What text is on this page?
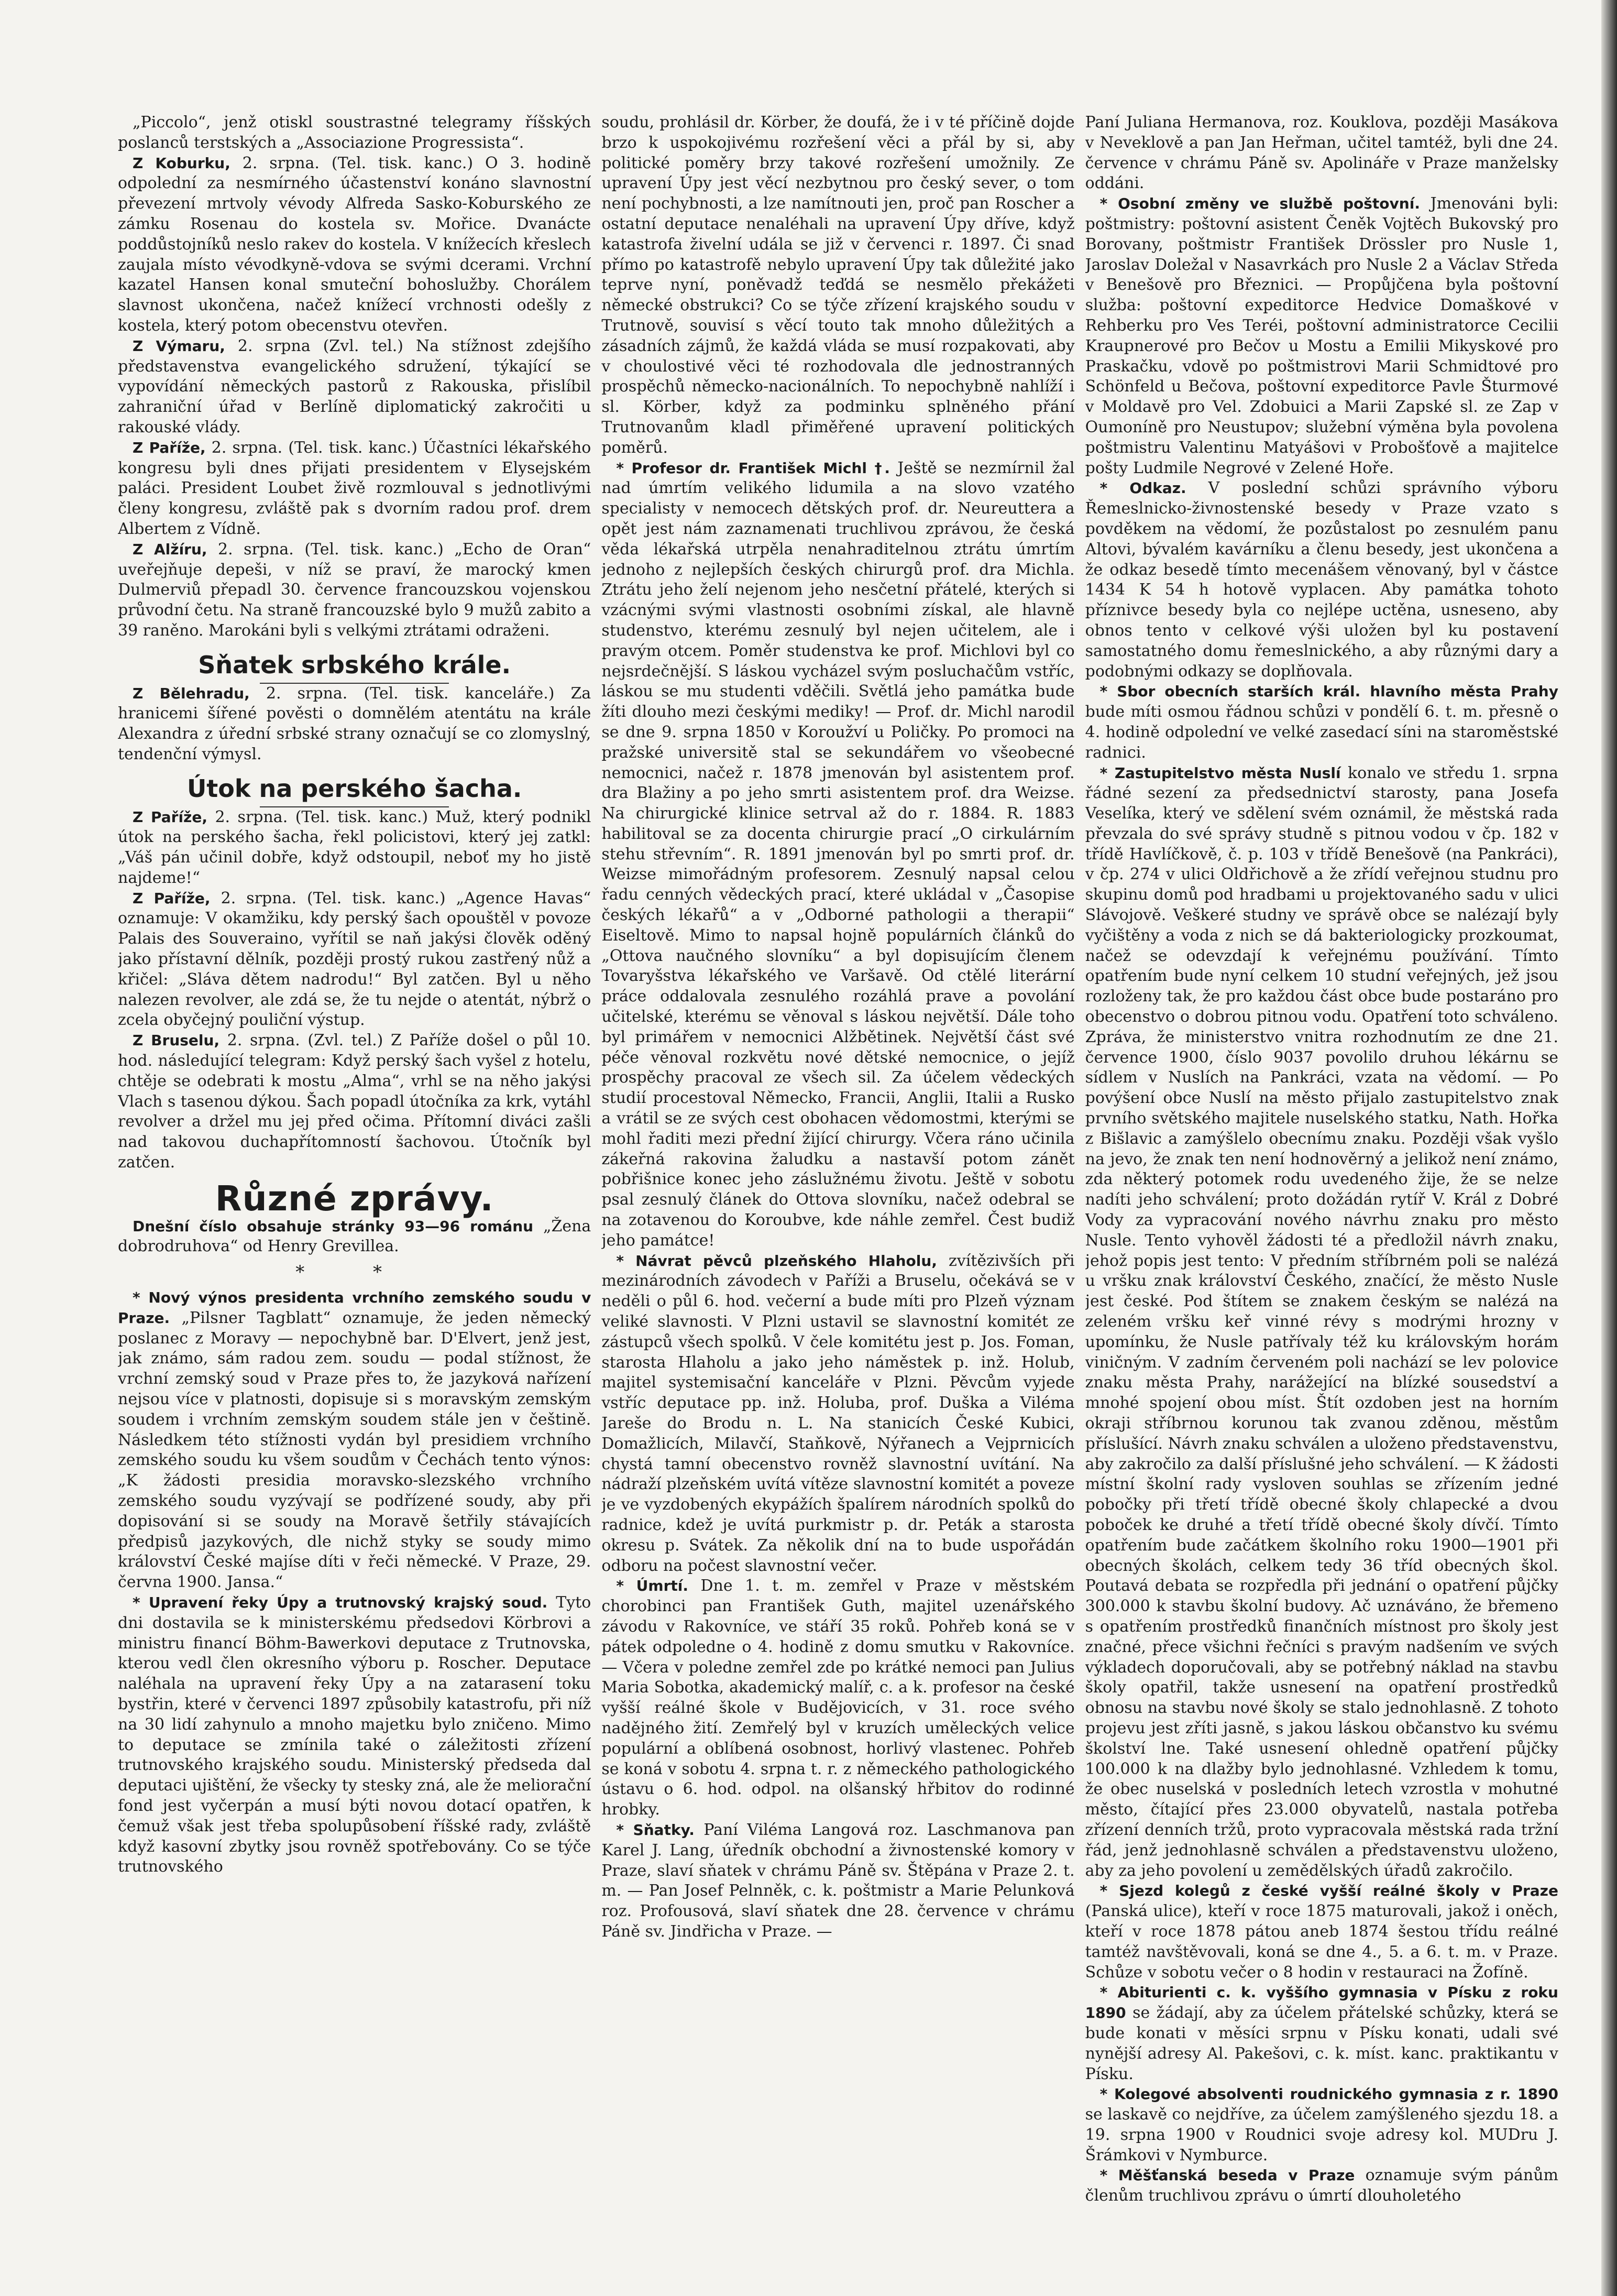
„Piccolo“, jenž otiskl soustrastné telegramy říšských poslanců terstských a „Associazione Progressista“.

Z Koburku, 2. srpna. (Tel. tisk. kanc.) O 3. hodině odpolední za nesmírného účastenství konáno slavnostní převezení mrtvoly vévody Alfreda Sasko-Koburského ze zámku Rosenau do kostela sv. Mořice. Dvanácte poddůstojníků neslo rakev do kostela. V knížecích křeslech zaujala místo vévodkyně-vdova se svými dcerami. Vrchní kazatel Hansen konal smuteční bohoslužby. Chorálem slavnost ukončena, načež knížecí vrchnosti odešly z kostela, který potom obecenstvu otevřen.

Z Výmaru, 2. srpna (Zvl. tel.) Na stížnost zdejšího představenstva evangelického sdružení, týkající se vypovídání německých pastorů z Rakouska, přislíbil zahraniční úřad v Berlíně diplomatický zakročiti u rakouské vlády.

Z Paříže, 2. srpna. (Tel. tisk. kanc.) Účastníci lékařského kongresu byli dnes přijati presidentem v Elysejském paláci. President Loubet živě rozmlouval s jednotlivými členy kongresu, zvláště pak s dvorním radou prof. drem Albertem z Vídně.

Z Alžíru, 2. srpna. (Tel. tisk. kanc.) „Echo de Oran“ uveřejňuje depeši, v níž se praví, že marocký kmen Dulmerviů přepadl 30. července francouzskou vojenskou průvodní četu. Na straně francouzské bylo 9 mužů zabito a 39 raněno. Marokáni byli s velkými ztrátami odraženi.

Sňatek srbského krále.

Z Bělehradu, 2. srpna. (Tel. tisk. kanceláře.) Za hranicemi šířené pověsti o domnělém atentátu na krále Alexandra z úřední srbské strany označují se co zlomyslný, tendenční výmysl.

Útok na perského šacha.

Z Paříže, 2. srpna. (Tel. tisk. kanc.) Muž, který podnikl útok na perského šacha, řekl policistovi, který jej zatkl: „Váš pán učinil dobře, když odstoupil, neboť my ho jistě najdeme!“

Z Paříže, 2. srpna. (Tel. tisk. kanc.) „Agence Havas“ oznamuje: V okamžiku, kdy perský šach opouštěl v povoze Palais des Souveraino, vyřítil se naň jakýsi člověk oděný jako přístavní dělník, později prostý rukou zastřený nůž a křičel: „Sláva dětem nadrodu!“ Byl zatčen. Byl u něho nalezen revolver, ale zdá se, že tu nejde o atentát, nýbrž o zcela obyčejný pouliční výstup.

Z Bruselu, 2. srpna. (Zvl. tel.) Z Paříže došel o půl 10. hod. následující telegram: Když perský šach vyšel z hotelu, chtěje se odebrati k mostu „Alma“, vrhl se na něho jakýsi Vlach s tasenou dýkou. Šach popadl útočníka za krk, vytáhl revolver a držel mu jej před očima. Přítomní diváci zašli nad takovou duchapřítomností šachovou. Útočník byl zatčen.

Různé zprávy.

Dnešní číslo obsahuje stránky 93—96 románu „Žena dobrodruhova“ od Henry Grevillea.

* *

* Nový výnos presidenta vrchního zemského soudu v Praze. „Pilsner Tagblatt“ oznamuje, že jeden německý poslanec z Moravy — nepochybně bar. D'Elvert, jenž jest, jak známo, sám radou zem. soudu — podal stížnost, že vrchní zemský soud v Praze přes to, že jazyková nařízení nejsou více v platnosti, dopisuje si s moravským zemským soudem i vrchním zemským soudem stále jen v češtině. Následkem této stížnosti vydán byl presidiem vrchního zemského soudu ku všem soudům v Čechách tento výnos: „K žádosti presidia moravsko-slezského vrchního zemského soudu vyzývají se podřízené soudy, aby při dopisování si se soudy na Moravě šetřily stávajících předpisů jazykových, dle nichž styky se soudy mimo království České majíse díti v řeči německé. V Praze, 29. června 1900. Jansa.“

* Upravení řeky Úpy a trutnovský krajský soud. Tyto dni dostavila se k ministerskému předsedovi Körbrovi a ministru financí Böhm-Bawerkovi deputace z Trutnovska, kterou vedl člen okresního výboru p. Roscher. Deputace naléhala na upravení řeky Úpy a na zatarasení toku bystřin, které v červenci 1897 způsobily katastrofu, při níž na 30 lidí zahynulo a mnoho majetku bylo zničeno. Mimo to deputace se zmínila také o záležitosti zřízení trutnovského krajského soudu. Ministerský předseda dal deputaci ujištění, že všecky ty stesky zná, ale že meliorační fond jest vyčerpán a musí býti novou dotací opatřen, k čemuž však jest třeba spolupůsobení říšské rady, zvláště když kasovní zbytky jsou rovněž spotřebovány. Co se týče trutnovského

soudu, prohlásil dr. Körber, že doufá, že i v té příčině dojde brzo k uspokojivému rozřešení věci a přál by si, aby politické poměry brzy takové rozřešení umožnily. Ze upravení Úpy jest věcí nezbytnou pro český sever, o tom není pochybnosti, a lze namítnouti jen, proč pan Roscher a ostatní deputace nenaléhali na upravení Úpy dříve, když katastrofa živelní udála se již v červenci r. 1897. Či snad přímo po katastrofě nebylo upravení Úpy tak důležité jako teprve nyní, poněvadž teďdá se nesmělo překážeti německé obstrukci? Co se týče zřízení krajského soudu v Trutnově, souvisí s věcí touto tak mnoho důležitých a zásadních zájmů, že každá vláda se musí rozpakovati, aby v choulostivé věci té rozhodovala dle jednostranných prospěchů německo-nacionálních. To nepochybně nahlíží i sl. Körber, když za podminku splněného přání Trutnovanům kladl přiměřené upravení politických poměrů.

* Profesor dr. František Michl †. Ještě se nezmírnil žal nad úmrtím velikého lidumila a na slovo vzatého specialisty v nemocech dětských prof. dr. Neureuttera a opět jest nám zaznamenati truchlivou zprávou, že česká věda lékařská utrpěla nenahraditelnou ztrátu úmrtím jednoho z nejlepších českých chirurgů prof. dra Michla. Ztrátu jeho želí nejenom jeho nesčetní přátelé, kterých si vzácnými svými vlastnosti osobními získal, ale hlavně studenstvo, kterému zesnulý byl nejen učitelem, ale i pravým otcem. Poměr studenstva ke prof. Michlovi byl co nejsrdečnější. S láskou vycházel svým posluchačům vstříc, láskou se mu studenti vděčili. Světlá jeho památka bude žíti dlouho mezi českými mediky! — Prof. dr. Michl narodil se dne 9. srpna 1850 v Koroužví u Poličky. Po promoci na pražské universitě stal se sekundářem vo všeobecné nemocnici, načež r. 1878 jmenován byl asistentem prof. dra Blažiny a po jeho smrti asistentem prof. dra Weizse. Na chirurgické klinice setrval až do r. 1884. R. 1883 habilitoval se za docenta chirurgie prací „O cirkulárním stehu střevním“. R. 1891 jmenován byl po smrti prof. dr. Weizse mimořádným profesorem. Zesnulý napsal celou řadu cenných vědeckých prací, které ukládal v „Časopise českých lékařů“ a v „Odborné pathologii a therapii“ Eiseltově. Mimo to napsal hojně populárních článků do „Ottova naučného slovníku“ a byl dopisujícím členem Tovaryšstva lékařského ve Varšavě. Od ctělé literární práce oddalovala zesnulého rozáhlá prave a povolání učitelské, kterému se věnoval s láskou největší. Dále toho byl primářem v nemocnici Alžbětinek. Největší část své péče věnoval rozkvětu nové dětské nemocnice, o jejíž prospěchy pracoval ze všech sil. Za účelem vědeckých studií procestoval Německo, Francii, Anglii, Italii a Rusko a vrátil se ze svých cest obohacen vědomostmi, kterými se mohl řaditi mezi přední žijící chirurgy. Včera ráno učinila zákeřná rakovina žaludku a nastavší potom zánět pobřišnice konec jeho záslužnému životu. Ještě v sobotu psal zesnulý článek do Ottova slovníku, načež odebral se na zotavenou do Koroubve, kde náhle zemřel. Čest budiž jeho památce!

* Návrat pěvců plzeňského Hlaholu, zvítězivších při mezinárodních závodech v Paříži a Bruselu, očekává se v neděli o půl 6. hod. večerní a bude míti pro Plzeň význam veliké slavnosti. V Plzni ustavil se slavnostní komitét ze zástupců všech spolků. V čele komitétu jest p. Jos. Foman, starosta Hlaholu a jako jeho náměstek p. inž. Holub, majitel systemisační kanceláře v Plzni. Pěvcům vyjede vstříc deputace pp. inž. Holuba, prof. Duška a Viléma Jareše do Brodu n. L. Na stanicích České Kubici, Domažlicích, Milavčí, Staňkově, Nýřanech a Vejprnicích chystá tamní obecenstvo rovněž slavnostní uvítání. Na nádraží plzeňském uvítá vítěze slavnostní komitét a poveze je ve vyzdobených ekypážích špalírem národních spolků do radnice, kdež je uvítá purkmistr p. dr. Peták a starosta okresu p. Svátek. Za několik dní na to bude uspořádán odboru na počest slavnostní večer.

* Úmrtí. Dne 1. t. m. zemřel v Praze v městském chorobinci pan František Guth, majitel uzenářského závodu v Rakovníce, ve stáří 35 roků. Pohřeb koná se v pátek odpoledne o 4. hodině z domu smutku v Rakovníce. — Včera v poledne zemřel zde po krátké nemoci pan Julius Maria Sobotka, akademický malíř, c. a k. profesor na české vyšší reálné škole v Budějovicích, v 31. roce svého nadějného žití. Zemřelý byl v kruzích uměleckých velice populární a oblíbená osobnost, horlivý vlastenec. Pohřeb se koná v sobotu 4. srpna t. r. z německého pathologického ústavu o 6. hod. odpol. na olšanský hřbitov do rodinné hrobky.

* Sňatky. Paní Viléma Langová roz. Laschmanova pan Karel J. Lang, úředník obchodní a živnostenské komory v Praze, slaví sňatek v chrámu Páně sv. Štěpána v Praze 2. t. m. — Pan Josef Pelnněk, c. k. poštmistr a Marie Pelunková roz. Profousová, slaví sňatek dne 28. července v chrámu Páně sv. Jindřicha v Praze. —

Paní Juliana Hermanova, roz. Kouklova, později Masákova v Neveklově a pan Jan Heřman, učitel tamtéž, byli dne 24. července v chrámu Páně sv. Apolináře v Praze manželsky oddáni.

* Osobní změny ve službě poštovní. Jmenováni byli: poštmistry: poštovní asistent Čeněk Vojtěch Bukovský pro Borovany, poštmistr František Drössler pro Nusle 1, Jaroslav Doležal v Nasavrkách pro Nusle 2 a Václav Středa v Benešově pro Březnici. — Propůjčena byla poštovní služba: poštovní expeditorce Hedvice Domaškové v Rehberku pro Ves Teréi, poštovní administratorce Cecilii Kraupnerové pro Bečov u Mostu a Emilii Mikyskové pro Praskačku, vdově po poštmistrovi Marii Schmidtové pro Schönfeld u Bečova, poštovní expeditorce Pavle Šturmové v Moldavě pro Vel. Zdobuici a Marii Zapské sl. ze Zap v Oumoníně pro Neustupov; služební výměna byla povolena poštmistru Valentinu Matyášovi v Probošťově a majitelce pošty Ludmile Negrové v Zelené Hoře.

* Odkaz. V poslední schůzi správního výboru Řemeslnicko-živnostenské besedy v Praze vzato s povděkem na vědomí, že pozůstalost po zesnulém panu Altovi, bývalém kavárníku a členu besedy, jest ukončena a že odkaz besedě tímto mecenášem věnovaný, byl v částce 1434 K 54 h hotově vyplacen. Aby památka tohoto příznivce besedy byla co nejlépe uctěna, usneseno, aby obnos tento v celkové výši uložen byl ku postavení samostatného domu řemeslnického, a aby různými dary a podobnými odkazy se doplňovala.

* Sbor obecních starších král. hlavního města Prahy bude míti osmou řádnou schůzi v pondělí 6. t. m. přesně o 4. hodině odpolední ve velké zasedací síni na staroměstské radnici.

* Zastupitelstvo města Nuslí konalo ve středu 1. srpna řádné sezení za předsednictví starosty, pana Josefa Veselíka, který ve sdělení svém oznámil, že městská rada převzala do své správy studně s pitnou vodou v čp. 182 v třídě Havlíčkově, č. p. 103 v třídě Benešově (na Pankráci), v čp. 274 v ulici Oldřichově a že zřídí veřejnou studnu pro skupinu domů pod hradbami u projektovaného sadu v ulici Slávojově. Veškeré studny ve správě obce se nalézají byly vyčištěny a voda z nich se dá bakteriologicky prozkoumat, načež se odevzdají k veřejnému používání. Tímto opatřením bude nyní celkem 10 studní veřejných, jež jsou rozloženy tak, že pro každou část obce bude postaráno pro obecenstvo o dobrou pitnou vodu. Opatření toto schváleno. Zpráva, že ministerstvo vnitra rozhodnutím ze dne 21. července 1900, číslo 9037 povolilo druhou lékárnu se sídlem v Nuslích na Pankráci, vzata na vědomí. — Po povýšení obce Nuslí na město přijalo zastupitelstvo znak prvního světského majitele nuselského statku, Nath. Hořka z Bišlavic a zamýšlelo obecnímu znaku. Později však vyšlo na jevo, že znak ten není hodnověrný a jelikož není známo, zda některý potomek rodu uvedeného žije, že se nelze nadíti jeho schválení; proto dožádán rytíř V. Král z Dobré Vody za vypracování nového návrhu znaku pro město Nusle. Tento vyhověl žádosti té a předložil návrh znaku, jehož popis jest tento: V předním stříbrném poli se nalézá u vršku znak království Českého, značící, že město Nusle jest české. Pod štítem se znakem českým se nalézá na zeleném vršku keř vinné révy s modrými hrozny v upomínku, že Nusle patřívaly též ku královským horám viničným. V zadním červeném poli nachází se lev polovice znaku města Prahy, narážející na blízké sousedství a mnohé spojení obou míst. Štít ozdoben jest na horním okraji stříbrnou korunou tak zvanou zděnou, městům příslušící. Návrh znaku schválen a uloženo představenstvu, aby zakročilo za další příslušné jeho schválení. — K žádosti místní školní rady vysloven souhlas se zřízením jedné pobočky při třetí třídě obecné školy chlapecké a dvou poboček ke druhé a třetí třídě obecné školy dívčí. Tímto opatřením bude začátkem školního roku 1900—1901 při obecných školách, celkem tedy 36 tříd obecných škol. Poutavá debata se rozpředla při jednání o opatření půjčky 300.000 k stavbu školní budovy. Ač uznáváno, že břemeno s opatřením prostředků finančních místnost pro školy jest značné, přece všichni řečníci s pravým nadšením ve svých výkladech doporučovali, aby se potřebný náklad na stavbu školy opatřil, takže usnesení na opatření prostředků obnosu na stavbu nové školy se stalo jednohlasně. Z tohoto projevu jest zříti jasně, s jakou láskou občanstvo ku svému školství lne. Také usnesení ohledně opatření půjčky 100.000 k na dlažby bylo jednohlasné. Vzhledem k tomu, že obec nuselská v posledních letech vzrostla v mohutné město, čítající přes 23.000 obyvatelů, nastala potřeba zřízení denních tržů, proto vypracovala městská rada tržní řád, jenž jednohlasně schválen a představenstvu uloženo, aby za jeho povolení u zemědělských úřadů zakročilo.

* Sjezd kolegů z české vyšší reálné školy v Praze (Panská ulice), kteří v roce 1875 maturovali, jakož i oněch, kteří v roce 1878 pátou aneb 1874 šestou třídu reálné tamtéž navštěvovali, koná se dne 4., 5. a 6. t. m. v Praze. Schůze v sobotu večer o 8 hodin v restauraci na Žofíně.

* Abiturienti c. k. vyššího gymnasia v Písku z roku 1890 se žádají, aby za účelem přátelské schůzky, která se bude konati v měsíci srpnu v Písku konati, udali své nynější adresy Al. Pakešovi, c. k. míst. kanc. praktikantu v Písku.

* Kolegové absolventi roudnického gymnasia z r. 1890 se laskavě co nejdříve, za účelem zamýšleného sjezdu 18. a 19. srpna 1900 v Roudnici svoje adresy kol. MUDru J. Šrámkovi v Nymburce.

* Měšťanská beseda v Praze oznamuje svým pánům členům truchlivou zprávu o úmrtí dlouholetého
